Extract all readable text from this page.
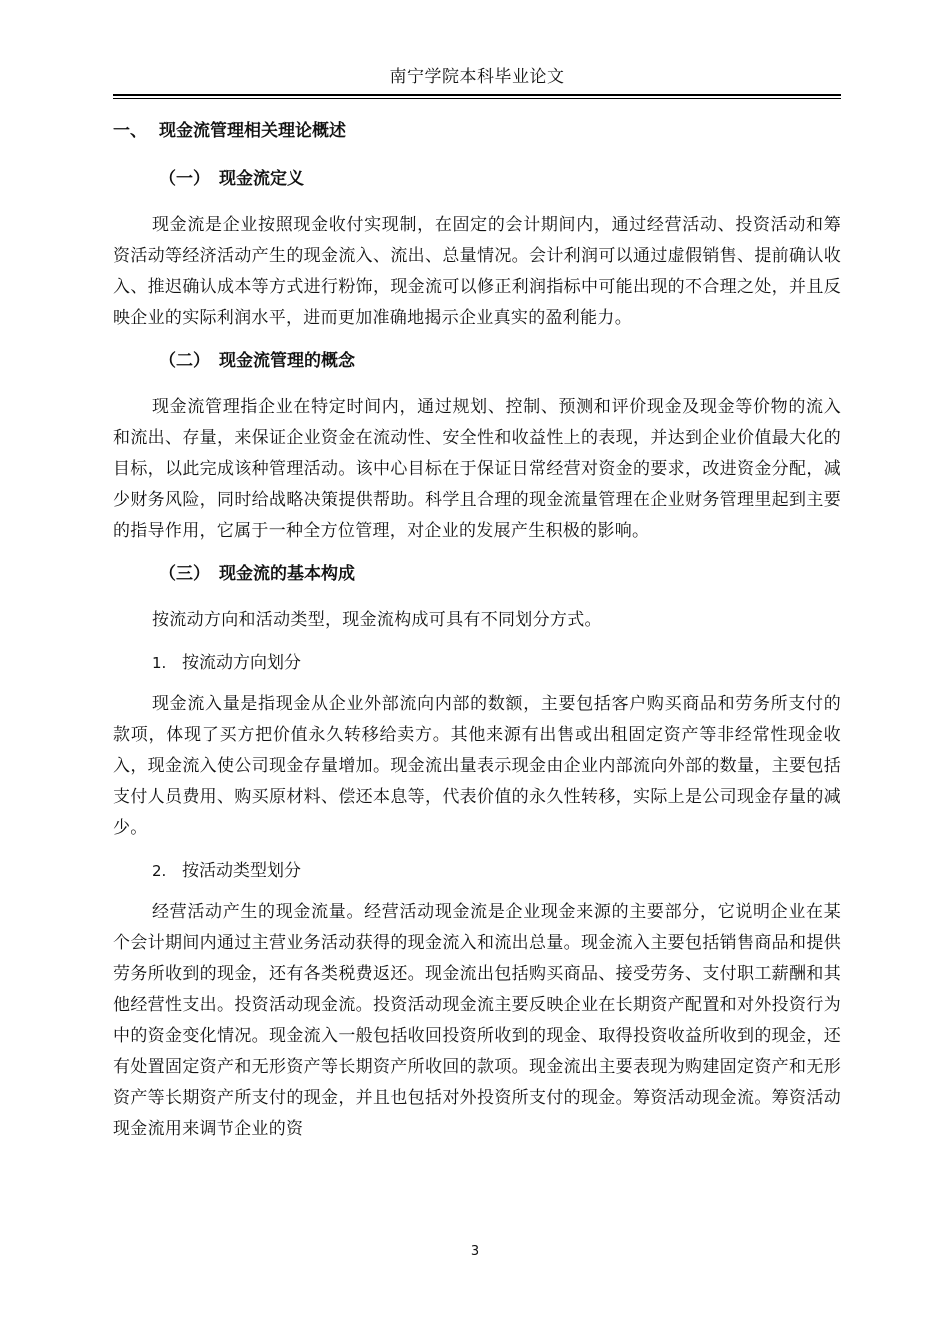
南宁学院本科毕业论文
一、 现金流管理相关理论概述
（一） 现金流定义

现金流是企业按照现金收付实现制，在固定的会计期间内，通过经营活动、投资活动和筹资活动等经济活动产生的现金流入、流出、总量情况。会计利润可以通过虚假销售、提前确认收入、推迟确认成本等方式进行粉饰，现金流可以修正利润指标中可能出现的不合理之处，并且反映企业的实际利润水平，进而更加准确地揭示企业真实的盈利能力。

（二） 现金流管理的概念

现金流管理指企业在特定时间内，通过规划、控制、预测和评价现金及现金等价物的流入和流出、存量，来保证企业资金在流动性、安全性和收益性上的表现，并达到企业价值最大化的目标，以此完成该种管理活动。该中心目标在于保证日常经营对资金的要求，改进资金分配，减少财务风险，同时给战略决策提供帮助。科学且合理的现金流量管理在企业财务管理里起到主要的指导作用，它属于一种全方位管理，对企业的发展产生积极的影响。

（三） 现金流的基本构成

按流动方向和活动类型，现金流构成可具有不同划分方式。

1. 按流动方向划分

现金流入量是指现金从企业外部流向内部的数额，主要包括客户购买商品和劳务所支付的款项，体现了买方把价值永久转移给卖方。其他来源有出售或出租固定资产等非经常性现金收入，现金流入使公司现金存量增加。现金流出量表示现金由企业内部流向外部的数量，主要包括支付人员费用、购买原材料、偿还本息等，代表价值的永久性转移，实际上是公司现金存量的减少。

2. 按活动类型划分

经营活动产生的现金流量。经营活动现金流是企业现金来源的主要部分，它说明企业在某个会计期间内通过主营业务活动获得的现金流入和流出总量。现金流入主要包括销售商品和提供劳务所收到的现金，还有各类税费返还。现金流出包括购买商品、接受劳务、支付职工薪酬和其他经营性支出。投资活动现金流。投资活动现金流主要反映企业在长期资产配置和对外投资行为中的资金变化情况。现金流入一般包括收回投资所收到的现金、取得投资收益所收到的现金，还有处置固定资产和无形资产等长期资产所收回的款项。现金流出主要表现为购建固定资产和无形资产等长期资产所支付的现金，并且也包括对外投资所支付的现金。筹资活动现金流。筹资活动现金流用来调节企业的资

3
